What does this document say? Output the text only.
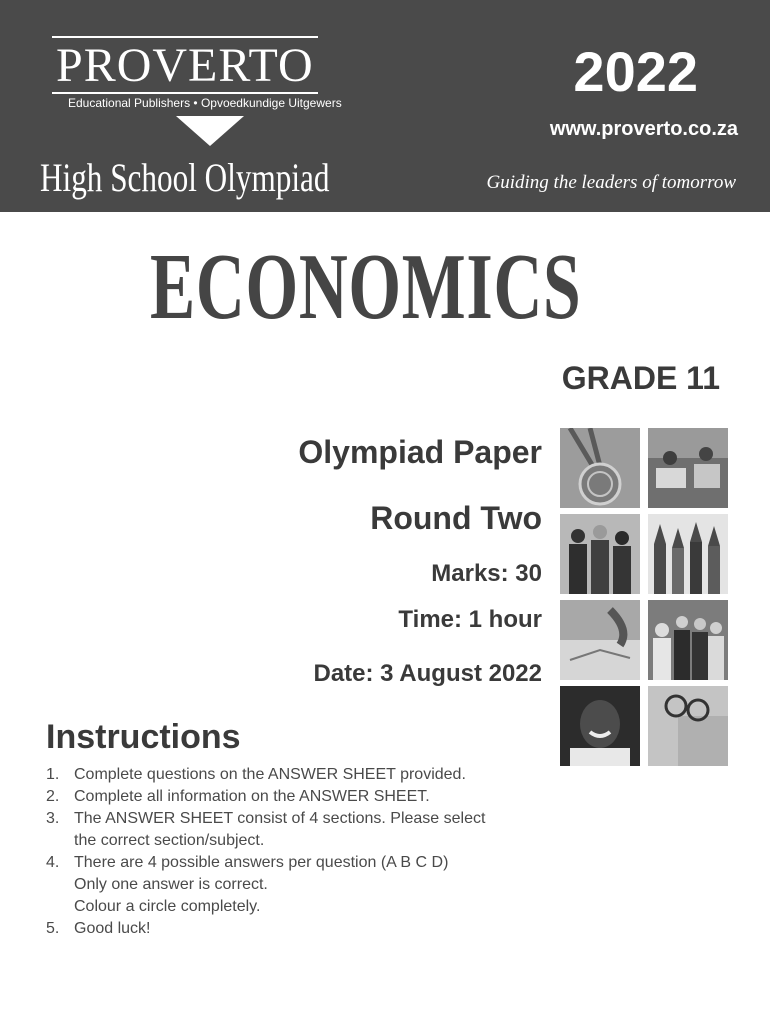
PROVERTO
Educational Publishers • Opvoedkundige Uitgewers
High School Olympiad
2022
www.proverto.co.za
Guiding the leaders of tomorrow
ECONOMICS
GRADE 11
Olympiad Paper
Round Two
Marks: 30
Time: 1 hour
Date: 3 August 2022
Instructions
1. Complete questions on the ANSWER SHEET provided.
2. Complete all information on the ANSWER SHEET.
3. The ANSWER SHEET consist of 4 sections. Please select
the correct section/subject.
4. There are 4 possible answers per question (A B C D)
Only one answer is correct.
Colour a circle completely.
5. Good luck!
